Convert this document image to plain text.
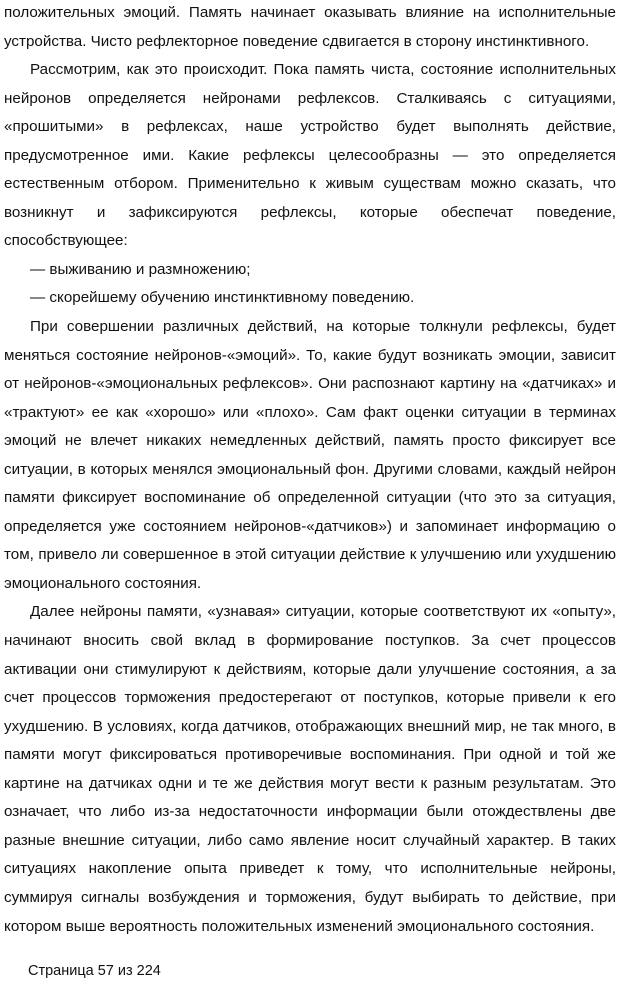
положительных эмоций. Память начинает оказывать влияние на исполнительные устройства. Чисто рефлекторное поведение сдвигается в сторону инстинктивного.

Рассмотрим, как это происходит. Пока память чиста, состояние исполнительных нейронов определяется нейронами рефлексов. Сталкиваясь с ситуациями, «прошитыми» в рефлексах, наше устройство будет выполнять действие, предусмотренное ими. Какие рефлексы целесообразны — это определяется естественным отбором. Применительно к живым существам можно сказать, что возникнут и зафиксируются рефлексы, которые обеспечат поведение, способствующее:

— выживанию и размножению;

— скорейшему обучению инстинктивному поведению.

При совершении различных действий, на которые толкнули рефлексы, будет меняться состояние нейронов-«эмоций». То, какие будут возникать эмоции, зависит от нейронов-«эмоциональных рефлексов». Они распознают картину на «датчиках» и «трактуют» ее как «хорошо» или «плохо». Сам факт оценки ситуации в терминах эмоций не влечет никаких немедленных действий, память просто фиксирует все ситуации, в которых менялся эмоциональный фон. Другими словами, каждый нейрон памяти фиксирует воспоминание об определенной ситуации (что это за ситуация, определяется уже состоянием нейронов-«датчиков») и запоминает информацию о том, привело ли совершенное в этой ситуации действие к улучшению или ухудшению эмоционального состояния.

Далее нейроны памяти, «узнавая» ситуации, которые соответствуют их «опыту», начинают вносить свой вклад в формирование поступков. За счет процессов активации они стимулируют к действиям, которые дали улучшение состояния, а за счет процессов торможения предостерегают от поступков, которые привели к его ухудшению. В условиях, когда датчиков, отображающих внешний мир, не так много, в памяти могут фиксироваться противоречивые воспоминания. При одной и той же картине на датчиках одни и те же действия могут вести к разным результатам. Это означает, что либо из-за недостаточности информации были отождествлены две разные внешние ситуации, либо само явление носит случайный характер. В таких ситуациях накопление опыта приведет к тому, что исполнительные нейроны, суммируя сигналы возбуждения и торможения, будут выбирать то действие, при котором выше вероятность положительных изменений эмоционального состояния.

Страница 57 из 224
